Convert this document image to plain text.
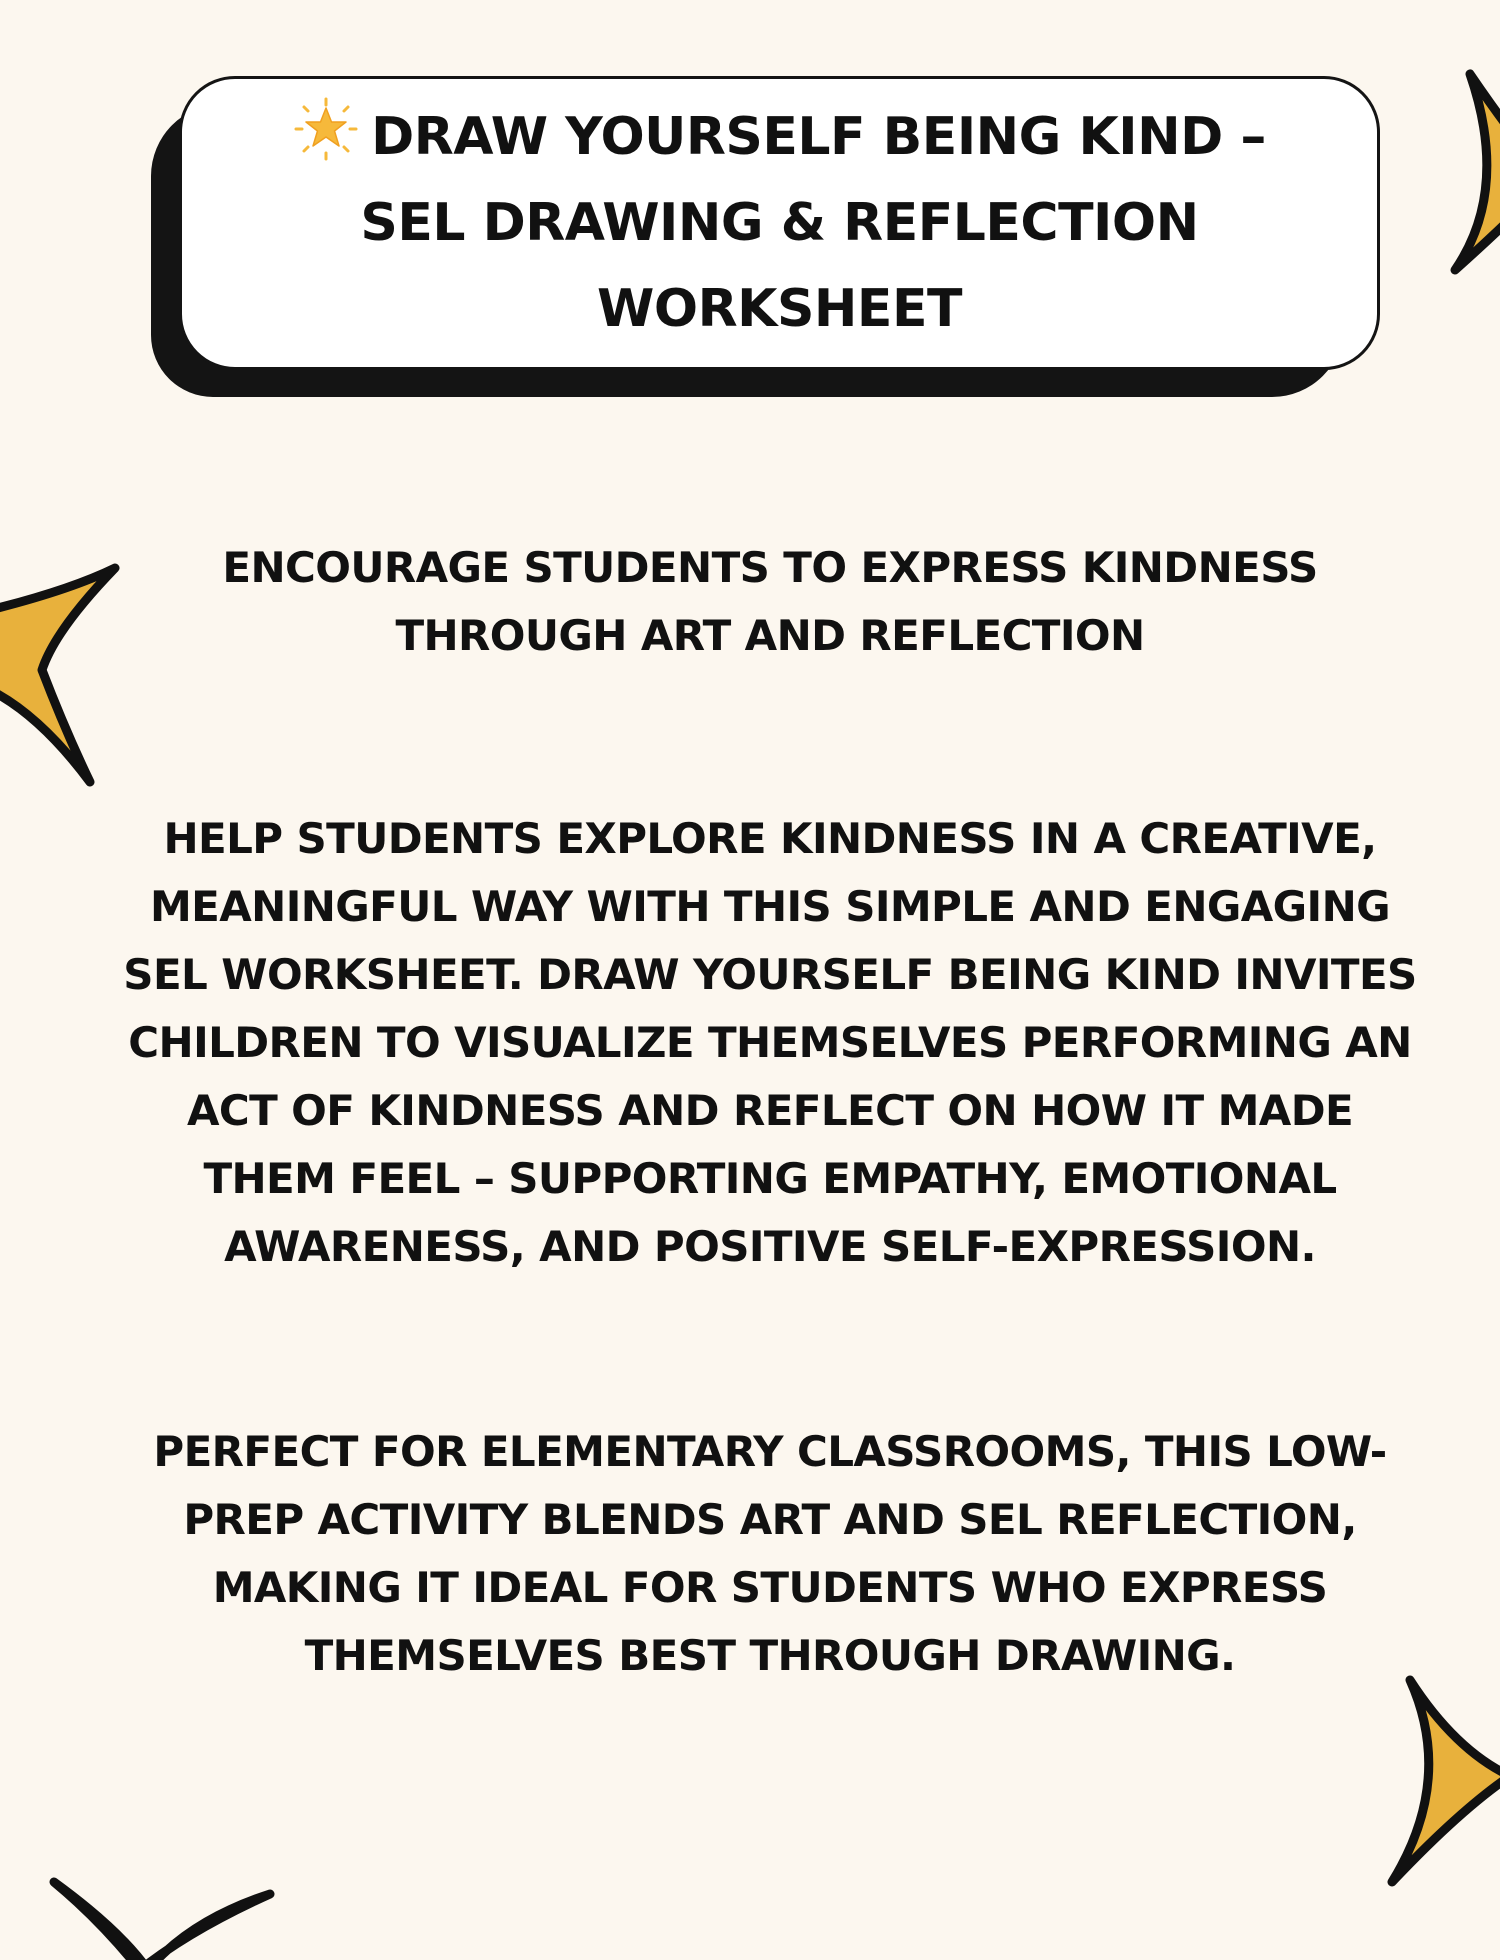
DRAW YOURSELF BEING KIND –
SEL DRAWING & REFLECTION
WORKSHEET

ENCOURAGE STUDENTS TO EXPRESS KINDNESS
THROUGH ART AND REFLECTION

HELP STUDENTS EXPLORE KINDNESS IN A CREATIVE,
MEANINGFUL WAY WITH THIS SIMPLE AND ENGAGING
SEL WORKSHEET. DRAW YOURSELF BEING KIND INVITES
CHILDREN TO VISUALIZE THEMSELVES PERFORMING AN
ACT OF KINDNESS AND REFLECT ON HOW IT MADE
THEM FEEL – SUPPORTING EMPATHY, EMOTIONAL
AWARENESS, AND POSITIVE SELF-EXPRESSION.

PERFECT FOR ELEMENTARY CLASSROOMS, THIS LOW-
PREP ACTIVITY BLENDS ART AND SEL REFLECTION,
MAKING IT IDEAL FOR STUDENTS WHO EXPRESS
THEMSELVES BEST THROUGH DRAWING.
